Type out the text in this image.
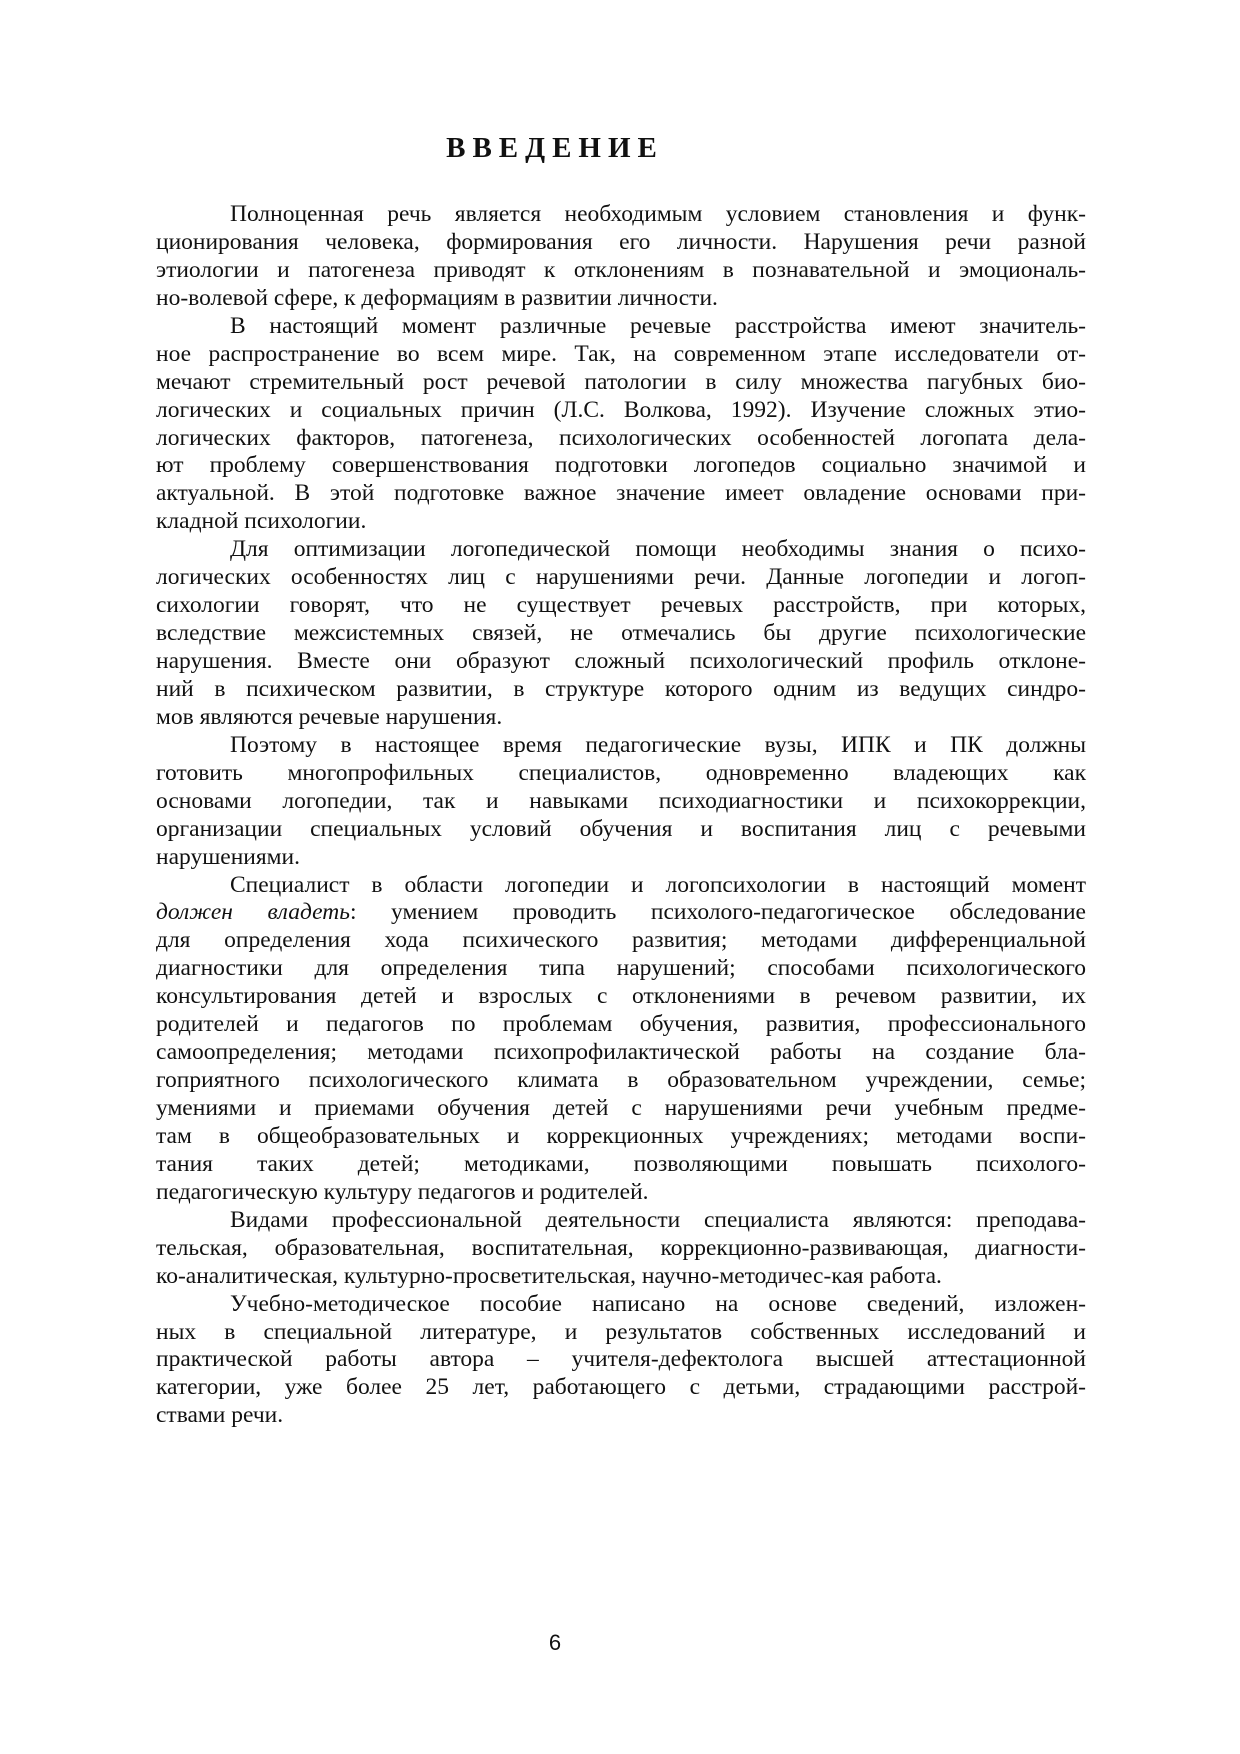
ВВЕДЕНИЕ
Полноценная речь является необходимым условием становления и функ-
ционирования человека, формирования его личности. Нарушения речи разной
этиологии и патогенеза приводят к отклонениям в познавательной и эмоциональ-
но-волевой сфере, к деформациям в развитии личности.
В настоящий момент различные речевые расстройства имеют значитель-
ное распространение во всем мире. Так, на современном этапе исследователи от-
мечают стремительный рост речевой патологии в силу множества пагубных био-
логических и социальных причин (Л.С. Волкова, 1992). Изучение сложных этио-
логических факторов, патогенеза, психологических особенностей логопата дела-
ют проблему совершенствования подготовки логопедов социально значимой и
актуальной. В этой подготовке важное значение имеет овладение основами при-
кладной психологии.
Для оптимизации логопедической помощи необходимы знания о психо-
логических особенностях лиц с нарушениями речи. Данные логопедии и логоп-
сихологии говорят, что не существует речевых расстройств, при которых,
вследствие межсистемных связей, не отмечались бы другие психологические
нарушения. Вместе они образуют сложный психологический профиль отклоне-
ний в психическом развитии, в структуре которого одним из ведущих синдро-
мов являются речевые нарушения.
Поэтому в настоящее время педагогические вузы, ИПК и ПК должны
готовить многопрофильных специалистов, одновременно владеющих как
основами логопедии, так и навыками психодиагностики и психокоррекции,
организации специальных условий обучения и воспитания лиц с речевыми
нарушениями.
Специалист в области логопедии и логопсихологии в настоящий момент
должен владеть: умением проводить психолого-педагогическое обследование
для определения хода психического развития; методами дифференциальной
диагностики для определения типа нарушений; способами психологического
консультирования детей и взрослых с отклонениями в речевом развитии, их
родителей и педагогов по проблемам обучения, развития, профессионального
самоопределения; методами психопрофилактической работы на создание бла-
гоприятного психологического климата в образовательном учреждении, семье;
умениями и приемами обучения детей с нарушениями речи учебным предме-
там в общеобразовательных и коррекционных учреждениях; методами воспи-
тания таких детей; методиками, позволяющими повышать психолого-
педагогическую культуру педагогов и родителей.
Видами профессиональной деятельности специалиста являются: преподава-
тельская, образовательная, воспитательная, коррекционно-развивающая, диагности-
ко-аналитическая, культурно-просветительская, научно-методичес-кая работа.
Учебно-методическое пособие написано на основе сведений, изложен-
ных в специальной литературе, и результатов собственных исследований и
практической работы автора – учителя-дефектолога высшей аттестационной
категории, уже более 25 лет, работающего с детьми, страдающими расстрой-
ствами речи.
6
